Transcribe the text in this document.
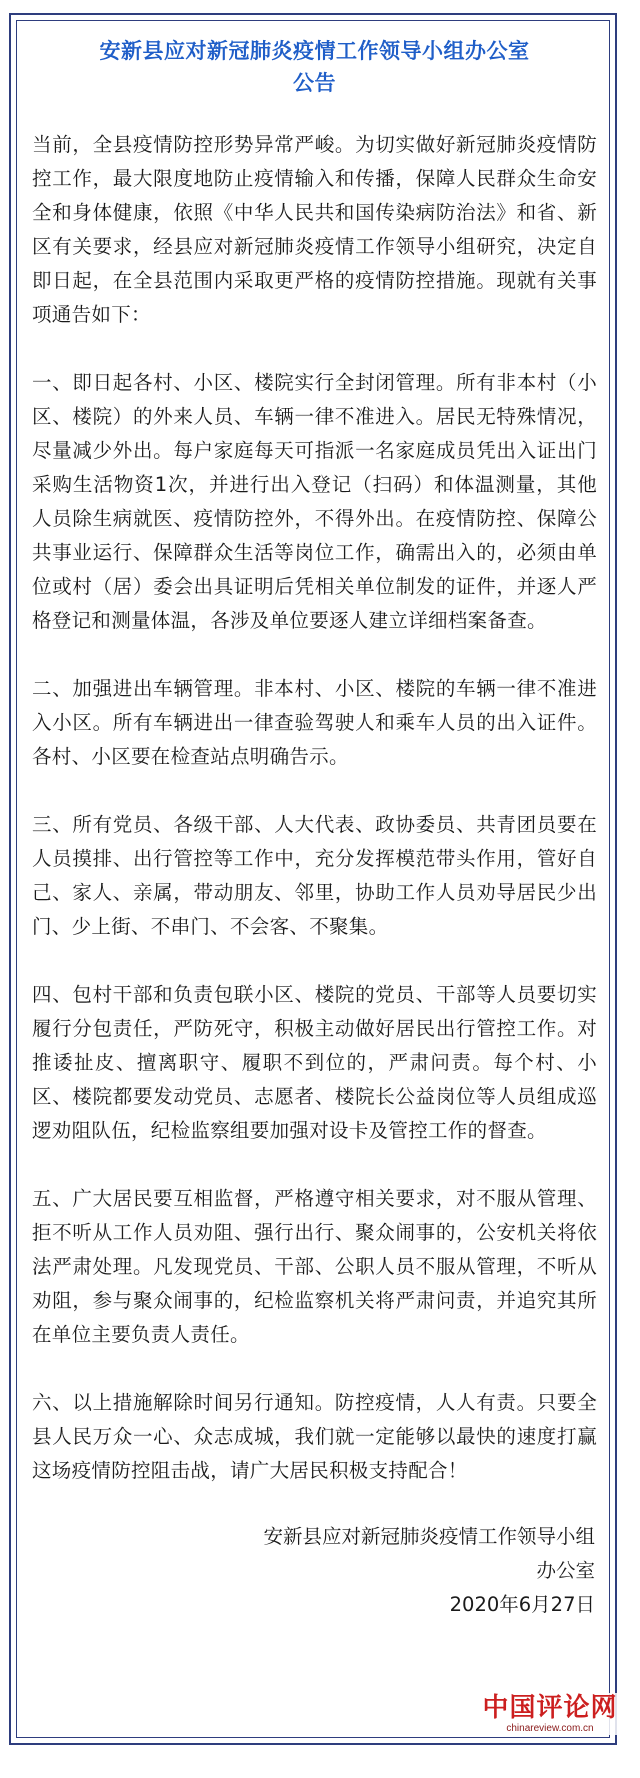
安新县应对新冠肺炎疫情工作领导小组办公室
公告

当前，全县疫情防控形势异常严峻。为切实做好新冠肺炎疫情防控工作，最大限度地防止疫情输入和传播，保障人民群众生命安全和身体健康，依照《中华人民共和国传染病防治法》和省、新区有关要求，经县应对新冠肺炎疫情工作领导小组研究，决定自即日起，在全县范围内采取更严格的疫情防控措施。现就有关事项通告如下：

一、即日起各村、小区、楼院实行全封闭管理。所有非本村（小区、楼院）的外来人员、车辆一律不准进入。居民无特殊情况，尽量减少外出。每户家庭每天可指派一名家庭成员凭出入证出门采购生活物资1次，并进行出入登记（扫码）和体温测量，其他人员除生病就医、疫情防控外，不得外出。在疫情防控、保障公共事业运行、保障群众生活等岗位工作，确需出入的，必须由单位或村（居）委会出具证明后凭相关单位制发的证件，并逐人严格登记和测量体温，各涉及单位要逐人建立详细档案备查。

二、加强进出车辆管理。非本村、小区、楼院的车辆一律不准进入小区。所有车辆进出一律查验驾驶人和乘车人员的出入证件。各村、小区要在检查站点明确告示。

三、所有党员、各级干部、人大代表、政协委员、共青团员要在人员摸排、出行管控等工作中，充分发挥模范带头作用，管好自己、家人、亲属，带动朋友、邻里，协助工作人员劝导居民少出门、少上街、不串门、不会客、不聚集。

四、包村干部和负责包联小区、楼院的党员、干部等人员要切实履行分包责任，严防死守，积极主动做好居民出行管控工作。对推诿扯皮、擅离职守、履职不到位的，严肃问责。每个村、小区、楼院都要发动党员、志愿者、楼院长公益岗位等人员组成巡逻劝阻队伍，纪检监察组要加强对设卡及管控工作的督查。

五、广大居民要互相监督，严格遵守相关要求，对不服从管理、拒不听从工作人员劝阻、强行出行、聚众闹事的，公安机关将依法严肃处理。凡发现党员、干部、公职人员不服从管理，不听从劝阻，参与聚众闹事的，纪检监察机关将严肃问责，并追究其所在单位主要负责人责任。

六、以上措施解除时间另行通知。防控疫情，人人有责。只要全县人民万众一心、众志成城，我们就一定能够以最快的速度打赢这场疫情防控阻击战，请广大居民积极支持配合！

安新县应对新冠肺炎疫情工作领导小组
办公室
2020年6月27日
中国评论网
chinareview.com.cn
